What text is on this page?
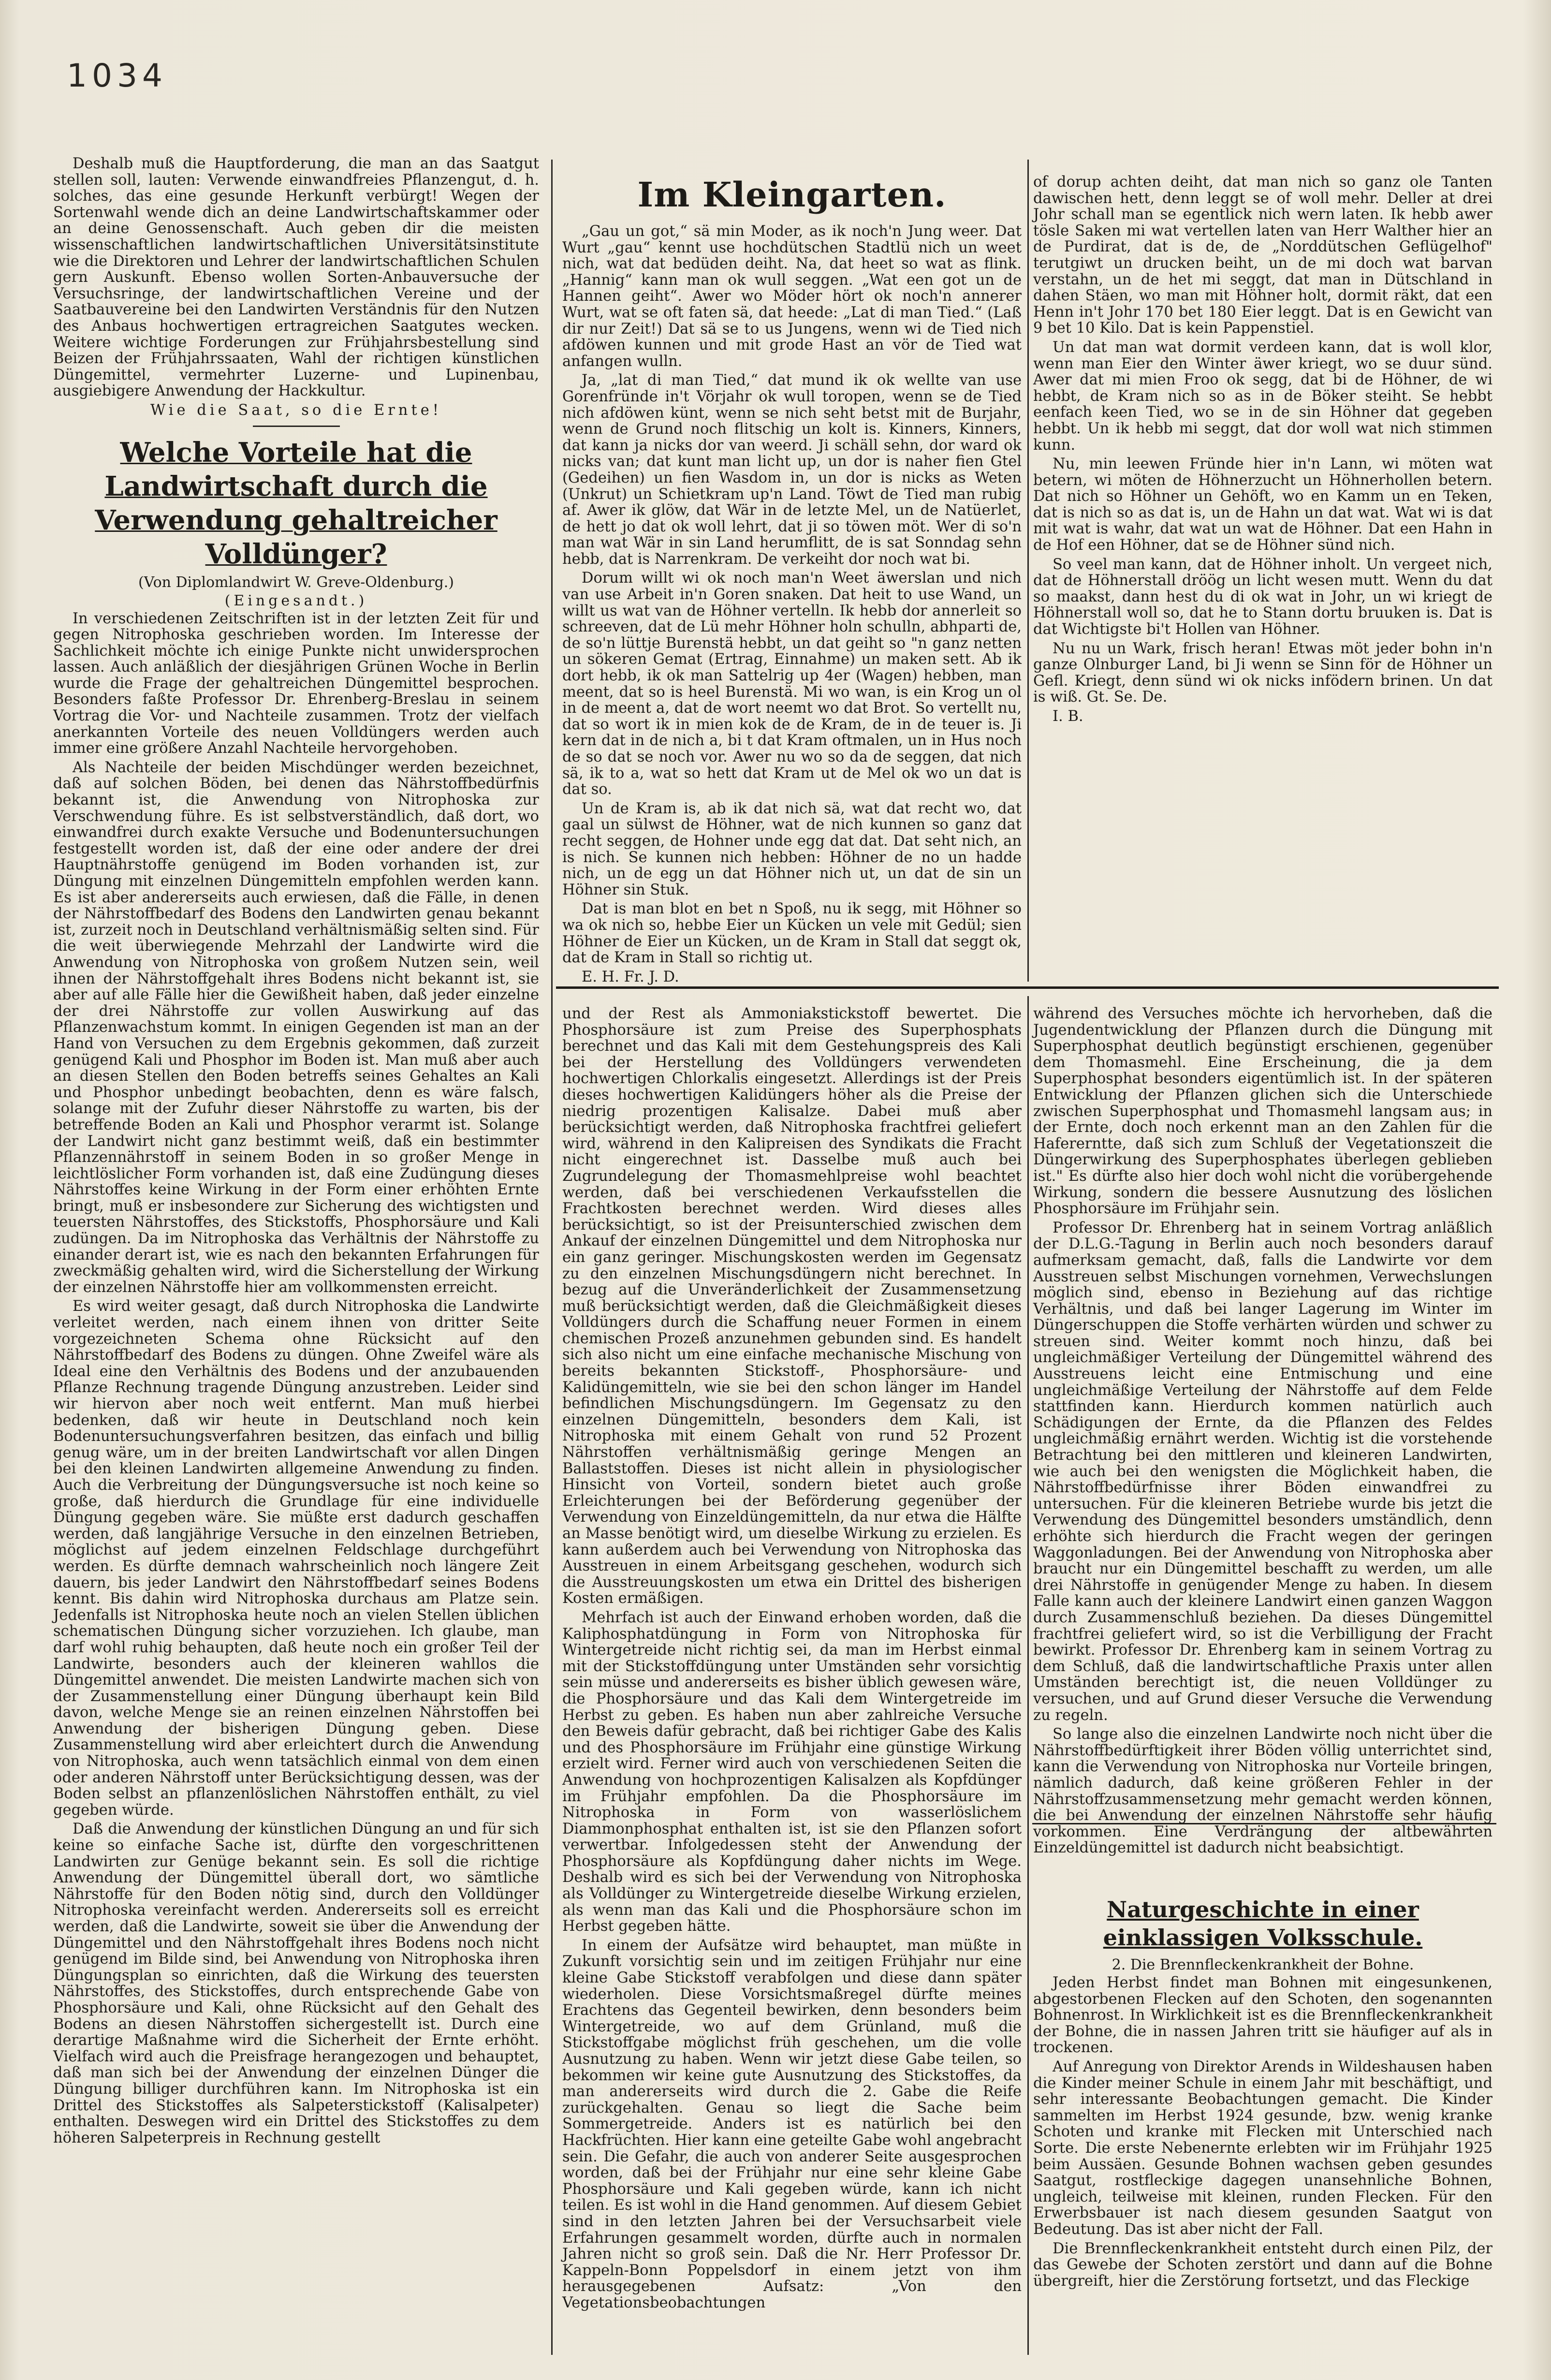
1034

Deshalb muß die Hauptforderung, die man an das Saatgut stellen soll, lauten: Verwende einwandfreies Pflanzengut, d. h. solches, das eine gesunde Herkunft verbürgt! Wegen der Sortenwahl wende dich an deine Landwirtschaftskammer oder an deine Genossenschaft. Auch geben dir die meisten wissenschaftlichen landwirtschaftlichen Universitätsinstitute wie die Direktoren und Lehrer der landwirtschaftlichen Schulen gern Auskunft. Ebenso wollen Sorten-Anbauversuche der Versuchsringe, der landwirtschaftlichen Vereine und der Saatbauvereine bei den Landwirten Verständnis für den Nutzen des Anbaus hochwertigen ertragreichen Saatgutes wecken. Weitere wichtige Forderungen zur Frühjahrsbestellung sind Beizen der Frühjahrssaaten, Wahl der richtigen künstlichen Düngemittel, vermehrter Luzerne- und Lupinenbau, ausgiebigere Anwendung der Hackkultur.

Wie die Saat, so die Ernte!

Welche Vorteile hat die Landwirtschaft durch die Verwendung gehaltreicher Volldünger?
(Von Diplomlandwirt W. Greve-Oldenburg.)
(Eingesandt.)

In verschiedenen Zeitschriften ist in der letzten Zeit für und gegen Nitrophoska geschrieben worden. Im Interesse der Sachlichkeit möchte ich einige Punkte nicht unwidersprochen lassen. Auch anläßlich der diesjährigen Grünen Woche in Berlin wurde die Frage der gehaltreichen Düngemittel besprochen. Besonders faßte Professor Dr. Ehrenberg-Breslau in seinem Vortrag die Vor- und Nachteile zusammen. Trotz der vielfach anerkannten Vorteile des neuen Volldüngers werden auch immer eine größere Anzahl Nachteile hervorgehoben.

Als Nachteile der beiden Mischdünger werden bezeichnet, daß auf solchen Böden, bei denen das Nährstoffbedürfnis bekannt ist, die Anwendung von Nitrophoska zur Verschwendung führe. Es ist selbstverständlich, daß dort, wo einwandfrei durch exakte Versuche und Bodenuntersuchungen festgestellt worden ist, daß der eine oder andere der drei Hauptnährstoffe genügend im Boden vorhanden ist, zur Düngung mit einzelnen Düngemitteln empfohlen werden kann. Es ist aber andererseits auch erwiesen, daß die Fälle, in denen der Nährstoffbedarf des Bodens den Landwirten genau bekannt ist, zurzeit noch in Deutschland verhältnismäßig selten sind. Für die weit überwiegende Mehrzahl der Landwirte wird die Anwendung von Nitrophoska von großem Nutzen sein, weil ihnen der Nährstoffgehalt ihres Bodens nicht bekannt ist, sie aber auf alle Fälle hier die Gewißheit haben, daß jeder einzelne der drei Nährstoffe zur vollen Auswirkung auf das Pflanzenwachstum kommt. In einigen Gegenden ist man an der Hand von Versuchen zu dem Ergebnis gekommen, daß zurzeit genügend Kali und Phosphor im Boden ist. Man muß aber auch an diesen Stellen den Boden betreffs seines Gehaltes an Kali und Phosphor unbedingt beobachten, denn es wäre falsch, solange mit der Zufuhr dieser Nährstoffe zu warten, bis der betreffende Boden an Kali und Phosphor verarmt ist. Solange der Landwirt nicht ganz bestimmt weiß, daß ein bestimmter Pflanzennährstoff in seinem Boden in so großer Menge in leichtlöslicher Form vorhanden ist, daß eine Zudüngung dieses Nährstoffes keine Wirkung in der Form einer erhöhten Ernte bringt, muß er insbesondere zur Sicherung des wichtigsten und teuersten Nährstoffes, des Stickstoffs, Phosphorsäure und Kali zudüngen. Da im Nitrophoska das Verhältnis der Nährstoffe zu einander derart ist, wie es nach den bekannten Erfahrungen für zweckmäßig gehalten wird, wird die Sicherstellung der Wirkung der einzelnen Nährstoffe hier am vollkommensten erreicht.

Es wird weiter gesagt, daß durch Nitrophoska die Landwirte verleitet werden, nach einem ihnen von dritter Seite vorgezeichneten Schema ohne Rücksicht auf den Nährstoffbedarf des Bodens zu düngen. Ohne Zweifel wäre als Ideal eine den Verhältnis des Bodens und der anzubauenden Pflanze Rechnung tragende Düngung anzustreben. Leider sind wir hiervon aber noch weit entfernt. Man muß hierbei bedenken, daß wir heute in Deutschland noch kein Bodenuntersuchungsverfahren besitzen, das einfach und billig genug wäre, um in der breiten Landwirtschaft vor allen Dingen bei den kleinen Landwirten allgemeine Anwendung zu finden. Auch die Verbreitung der Düngungsversuche ist noch keine so große, daß hierdurch die Grundlage für eine individuelle Düngung gegeben wäre. Sie müßte erst dadurch geschaffen werden, daß langjährige Versuche in den einzelnen Betrieben, möglichst auf jedem einzelnen Feldschlage durchgeführt werden. Es dürfte demnach wahrscheinlich noch längere Zeit dauern, bis jeder Landwirt den Nährstoffbedarf seines Bodens kennt. Bis dahin wird Nitrophoska durchaus am Platze sein. Jedenfalls ist Nitrophoska heute noch an vielen Stellen üblichen schematischen Düngung sicher vorzuziehen. Ich glaube, man darf wohl ruhig behaupten, daß heute noch ein großer Teil der Landwirte, besonders auch der kleineren wahllos die Düngemittel anwendet. Die meisten Landwirte machen sich von der Zusammenstellung einer Düngung überhaupt kein Bild davon, welche Menge sie an reinen einzelnen Nährstoffen bei Anwendung der bisherigen Düngung geben. Diese Zusammenstellung wird aber erleichtert durch die Anwendung von Nitrophoska, auch wenn tatsächlich einmal von dem einen oder anderen Nährstoff unter Berücksichtigung dessen, was der Boden selbst an pflanzenlöslichen Nährstoffen enthält, zu viel gegeben würde.

Daß die Anwendung der künstlichen Düngung an und für sich keine so einfache Sache ist, dürfte den vorgeschrittenen Landwirten zur Genüge bekannt sein. Es soll die richtige Anwendung der Düngemittel überall dort, wo sämtliche Nährstoffe für den Boden nötig sind, durch den Volldünger Nitrophoska vereinfacht werden. Andererseits soll es erreicht werden, daß die Landwirte, soweit sie über die Anwendung der Düngemittel und den Nährstoffgehalt ihres Bodens noch nicht genügend im Bilde sind, bei Anwendung von Nitrophoska ihren Düngungsplan so einrichten, daß die Wirkung des teuersten Nährstoffes, des Stickstoffes, durch entsprechende Gabe von Phosphorsäure und Kali, ohne Rücksicht auf den Gehalt des Bodens an diesen Nährstoffen sichergestellt ist. Durch eine derartige Maßnahme wird die Sicherheit der Ernte erhöht. Vielfach wird auch die Preisfrage herangezogen und behauptet, daß man sich bei der Anwendung der einzelnen Dünger die Düngung billiger durchführen kann. Im Nitrophoska ist ein Drittel des Stickstoffes als Salpeterstickstoff (Kalisalpeter) enthalten. Deswegen wird ein Drittel des Stickstoffes zu dem höheren Salpeterpreis in Rechnung gestellt

Im Kleingarten.

„Gau un got,“ sä min Moder, as ik noch'n Jung weer. Dat Wurt „gau“ kennt use hochdütschen Stadtlü nich un weet nich, wat dat bedüden deiht. Na, dat heet so wat as flink. „Hannig“ kann man ok wull seggen. „Wat een got un de Hannen geiht“. Awer wo Möder hört ok noch'n annerer Wurt, wat se oft faten sä, dat heede: „Lat di man Tied.“ (Laß dir nur Zeit!) Dat sä se to us Jungens, wenn wi de Tied nich afdöwen kunnen und mit grode Hast an vör de Tied wat anfangen wulln.

Ja, „lat di man Tied,“ dat mund ik ok wellte van use Gorenfründe in't Vörjahr ok wull toropen, wenn se de Tied nich afdöwen künt, wenn se nich seht betst mit de Burjahr, wenn de Grund noch flitschig un kolt is. Kinners, Kinners, dat kann ja nicks dor van weerd. Ji schäll sehn, dor ward ok nicks van; dat kunt man licht up, un dor is naher fien Gtel (Gedeihen) un fien Wasdom in, un dor is nicks as Weten (Unkrut) un Schietkram up'n Land. Töwt de Tied man rubig af. Awer ik glöw, dat Wär in de letzte Mel, un de Natüerlet, de hett jo dat ok woll lehrt, dat ji so töwen möt. Wer di so'n man wat Wär in sin Land herumflitt, de is sat Sonndag sehn hebb, dat is Narrenkram. De verkeiht dor noch wat bi.

Dorum willt wi ok noch man'n Weet äwerslan und nich van use Arbeit in'n Goren snaken. Dat heit to use Wand, un willt us wat van de Höhner vertelln. Ik hebb dor annerleit so schreeven, dat de Lü mehr Höhner holn schulln, abhparti de, de so'n lüttje Burenstä hebbt, un dat geiht so "n ganz netten un sökeren Gemat (Ertrag, Einnahme) un maken sett. Ab ik dort hebb, ik ok man Sattelrig up 4er (Wagen) hebben, man meent, dat so is heel Burenstä. Mi wo wan, is ein Krog un ol in de meent a, dat de wort neemt wo dat Brot. So vertellt nu, dat so wort ik in mien kok de de Kram, de in de teuer is. Ji kern dat in de nich a, bi t dat Kram oftmalen, un in Hus noch de so dat se noch vor. Awer nu wo so da de seggen, dat nich sä, ik to a, wat so hett dat Kram ut de Mel ok wo un dat is dat so.

Un de Kram is, ab ik dat nich sä, wat dat recht wo, dat gaal un sülwst de Höhner, wat de nich kunnen so ganz dat recht seggen, de Hohner unde egg dat dat. Dat seht nich, an is nich. Se kunnen nich hebben: Höhner de no un hadde nich, un de egg un dat Höhner nich ut, un dat de sin un Höhner sin Stuk.

Dat is man blot en bet n Spoß, nu ik segg, mit Höhner so wa ok nich so, hebbe Eier un Kücken un vele mit Gedül; sien Höhner de Eier un Kücken, un de Kram in Stall dat seggt ok, dat de Kram in Stall so richtig ut.

E. H. Fr. J. D.

of dorup achten deiht, dat man nich so ganz ole Tanten dawischen hett, denn leggt se of woll mehr. Deller at drei Johr schall man se egentlick nich wern laten. Ik hebb awer tösle Saken mi wat vertellen laten van Herr Walther hier an de Purdirat, dat is de, de „Norddütschen Geflügelhof" terutgiwt un drucken beiht, un de mi doch wat barvan verstahn, un de het mi seggt, dat man in Dütschland in dahen Stäen, wo man mit Höhner holt, dormit räkt, dat een Henn in't Johr 170 bet 180 Eier leggt. Dat is en Gewicht van 9 bet 10 Kilo. Dat is kein Pappenstiel.

Un dat man wat dormit verdeen kann, dat is woll klor, wenn man Eier den Winter äwer kriegt, wo se duur sünd. Awer dat mi mien Froo ok segg, dat bi de Höhner, de wi hebbt, de Kram nich so as in de Böker steiht. Se hebbt eenfach keen Tied, wo se in de sin Höhner dat gegeben hebbt. Un ik hebb mi seggt, dat dor woll wat nich stimmen kunn.

Nu, min leewen Fründe hier in'n Lann, wi möten wat betern, wi möten de Höhnerzucht un Höhnerhollen betern. Dat nich so Höhner un Gehöft, wo en Kamm un en Teken, dat is nich so as dat is, un de Hahn un dat wat. Wat wi is dat mit wat is wahr, dat wat un wat de Höhner. Dat een Hahn in de Hof een Höhner, dat se de Höhner sünd nich.

So veel man kann, dat de Höhner inholt. Un vergeet nich, dat de Höhnerstall dröög un licht wesen mutt. Wenn du dat so maakst, dann hest du di ok wat in Johr, un wi kriegt de Höhnerstall woll so, dat he to Stann dortu bruuken is. Dat is dat Wichtigste bi't Hollen van Höhner.

Nu nu un Wark, frisch heran! Etwas möt jeder bohn in'n ganze Olnburger Land, bi Ji wenn se Sinn för de Höhner un Gefl. Kriegt, denn sünd wi ok nicks infödern brinen. Un dat is wiß. Gt. Se. De.

I. B.

und der Rest als Ammoniakstickstoff bewertet. Die Phosphorsäure ist zum Preise des Superphosphats berechnet und das Kali mit dem Gestehungspreis des Kali bei der Herstellung des Volldüngers verwendeten hochwertigen Chlorkalis eingesetzt. Allerdings ist der Preis dieses hochwertigen Kalidüngers höher als die Preise der niedrig prozentigen Kalisalze. Dabei muß aber berücksichtigt werden, daß Nitrophoska frachtfrei geliefert wird, während in den Kalipreisen des Syndikats die Fracht nicht eingerechnet ist. Dasselbe muß auch bei Zugrundelegung der Thomasmehlpreise wohl beachtet werden, daß bei verschiedenen Verkaufsstellen die Frachtkosten berechnet werden. Wird dieses alles berücksichtigt, so ist der Preisunterschied zwischen dem Ankauf der einzelnen Düngemittel und dem Nitrophoska nur ein ganz geringer. Mischungskosten werden im Gegensatz zu den einzelnen Mischungsdüngern nicht berechnet. In bezug auf die Unveränderlichkeit der Zusammensetzung muß berücksichtigt werden, daß die Gleichmäßigkeit dieses Volldüngers durch die Schaffung neuer Formen in einem chemischen Prozeß anzunehmen gebunden sind. Es handelt sich also nicht um eine einfache mechanische Mischung von bereits bekannten Stickstoff-, Phosphorsäure- und Kalidüngemitteln, wie sie bei den schon länger im Handel befindlichen Mischungsdüngern. Im Gegensatz zu den einzelnen Düngemitteln, besonders dem Kali, ist Nitrophoska mit einem Gehalt von rund 52 Prozent Nährstoffen verhältnismäßig geringe Mengen an Ballaststoffen. Dieses ist nicht allein in physiologischer Hinsicht von Vorteil, sondern bietet auch große Erleichterungen bei der Beförderung gegenüber der Verwendung von Einzeldüngemitteln, da nur etwa die Hälfte an Masse benötigt wird, um dieselbe Wirkung zu erzielen. Es kann außerdem auch bei Verwendung von Nitrophoska das Ausstreuen in einem Arbeitsgang geschehen, wodurch sich die Ausstreuungskosten um etwa ein Drittel des bisherigen Kosten ermäßigen.

Mehrfach ist auch der Einwand erhoben worden, daß die Kaliphosphatdüngung in Form von Nitrophoska für Wintergetreide nicht richtig sei, da man im Herbst einmal mit der Stickstoffdüngung unter Umständen sehr vorsichtig sein müsse und andererseits es bisher üblich gewesen wäre, die Phosphorsäure und das Kali dem Wintergetreide im Herbst zu geben. Es haben nun aber zahlreiche Versuche den Beweis dafür gebracht, daß bei richtiger Gabe des Kalis und des Phosphorsäure im Frühjahr eine günstige Wirkung erzielt wird. Ferner wird auch von verschiedenen Seiten die Anwendung von hochprozentigen Kalisalzen als Kopfdünger im Frühjahr empfohlen. Da die Phosphorsäure im Nitrophoska in Form von wasserlöslichem Diammonphosphat enthalten ist, ist sie den Pflanzen sofort verwertbar. Infolgedessen steht der Anwendung der Phosphorsäure als Kopfdüngung daher nichts im Wege. Deshalb wird es sich bei der Verwendung von Nitrophoska als Volldünger zu Wintergetreide dieselbe Wirkung erzielen, als wenn man das Kali und die Phosphorsäure schon im Herbst gegeben hätte.

In einem der Aufsätze wird behauptet, man müßte in Zukunft vorsichtig sein und im zeitigen Frühjahr nur eine kleine Gabe Stickstoff verabfolgen und diese dann später wiederholen. Diese Vorsichtsmaßregel dürfte meines Erachtens das Gegenteil bewirken, denn besonders beim Wintergetreide, wo auf dem Grünland, muß die Stickstoffgabe möglichst früh geschehen, um die volle Ausnutzung zu haben. Wenn wir jetzt diese Gabe teilen, so bekommen wir keine gute Ausnutzung des Stickstoffes, da man andererseits wird durch die 2. Gabe die Reife zurückgehalten. Genau so liegt die Sache beim Sommergetreide. Anders ist es natürlich bei den Hackfrüchten. Hier kann eine geteilte Gabe wohl angebracht sein. Die Gefahr, die auch von anderer Seite ausgesprochen worden, daß bei der Frühjahr nur eine sehr kleine Gabe Phosphorsäure und Kali gegeben würde, kann ich nicht teilen. Es ist wohl in die Hand genommen. Auf diesem Gebiet sind in den letzten Jahren bei der Versuchsarbeit viele Erfahrungen gesammelt worden, dürfte auch in normalen Jahren nicht so groß sein. Daß die Nr. Herr Professor Dr. Kappeln-Bonn Poppelsdorf in einem jetzt von ihm herausgegebenen Aufsatz: „Von den Vegetationsbeobachtungen

während des Versuches möchte ich hervorheben, daß die Jugendentwicklung der Pflanzen durch die Düngung mit Superphosphat deutlich begünstigt erschienen, gegenüber dem Thomasmehl. Eine Erscheinung, die ja dem Superphosphat besonders eigentümlich ist. In der späteren Entwicklung der Pflanzen glichen sich die Unterschiede zwischen Superphosphat und Thomasmehl langsam aus; in der Ernte, doch noch erkennt man an den Zahlen für die Hafererntte, daß sich zum Schluß der Vegetationszeit die Düngerwirkung des Superphosphates überlegen geblieben ist." Es dürfte also hier doch wohl nicht die vorübergehende Wirkung, sondern die bessere Ausnutzung des löslichen Phosphorsäure im Frühjahr sein.

Professor Dr. Ehrenberg hat in seinem Vortrag anläßlich der D.L.G.-Tagung in Berlin auch noch besonders darauf aufmerksam gemacht, daß, falls die Landwirte vor dem Ausstreuen selbst Mischungen vornehmen, Verwechslungen möglich sind, ebenso in Beziehung auf das richtige Verhältnis, und daß bei langer Lagerung im Winter im Düngerschuppen die Stoffe verhärten würden und schwer zu streuen sind. Weiter kommt noch hinzu, daß bei ungleichmäßiger Verteilung der Düngemittel während des Ausstreuens leicht eine Entmischung und eine ungleichmäßige Verteilung der Nährstoffe auf dem Felde stattfinden kann. Hierdurch kommen natürlich auch Schädigungen der Ernte, da die Pflanzen des Feldes ungleichmäßig ernährt werden. Wichtig ist die vorstehende Betrachtung bei den mittleren und kleineren Landwirten, wie auch bei den wenigsten die Möglichkeit haben, die Nährstoffbedürfnisse ihrer Böden einwandfrei zu untersuchen. Für die kleineren Betriebe wurde bis jetzt die Verwendung des Düngemittel besonders umständlich, denn erhöhte sich hierdurch die Fracht wegen der geringen Waggonladungen. Bei der Anwendung von Nitrophoska aber braucht nur ein Düngemittel beschafft zu werden, um alle drei Nährstoffe in genügender Menge zu haben. In diesem Falle kann auch der kleinere Landwirt einen ganzen Waggon durch Zusammenschluß beziehen. Da dieses Düngemittel frachtfrei geliefert wird, so ist die Verbilligung der Fracht bewirkt. Professor Dr. Ehrenberg kam in seinem Vortrag zu dem Schluß, daß die landwirtschaftliche Praxis unter allen Umständen berechtigt ist, die neuen Volldünger zu versuchen, und auf Grund dieser Versuche die Verwendung zu regeln.

So lange also die einzelnen Landwirte noch nicht über die Nährstoffbedürftigkeit ihrer Böden völlig unterrichtet sind, kann die Verwendung von Nitrophoska nur Vorteile bringen, nämlich dadurch, daß keine größeren Fehler in der Nährstoffzusammensetzung mehr gemacht werden können, die bei Anwendung der einzelnen Nährstoffe sehr häufig vorkommen. Eine Verdrängung der altbewährten Einzeldüngemittel ist dadurch nicht beabsichtigt.

Naturgeschichte in einer einklassigen Volksschule.
2. Die Brennfleckenkrankheit der Bohne.

Jeden Herbst findet man Bohnen mit eingesunkenen, abgestorbenen Flecken auf den Schoten, den sogenannten Bohnenrost. In Wirklichkeit ist es die Brennfleckenkrankheit der Bohne, die in nassen Jahren tritt sie häufiger auf als in trockenen.

Auf Anregung von Direktor Arends in Wildeshausen haben die Kinder meiner Schule in einem Jahr mit beschäftigt, und sehr interessante Beobachtungen gemacht. Die Kinder sammelten im Herbst 1924 gesunde, bzw. wenig kranke Schoten und kranke mit Flecken mit Unterschied nach Sorte. Die erste Nebenernte erlebten wir im Frühjahr 1925 beim Aussäen. Gesunde Bohnen wachsen geben gesundes Saatgut, rostfleckige dagegen unansehnliche Bohnen, ungleich, teilweise mit kleinen, runden Flecken. Für den Erwerbsbauer ist nach diesem gesunden Saatgut von Bedeutung. Das ist aber nicht der Fall.

Die Brennfleckenkrankheit entsteht durch einen Pilz, der das Gewebe der Schoten zerstört und dann auf die Bohne übergreift, hier die Zerstörung fortsetzt, und das Fleckige
